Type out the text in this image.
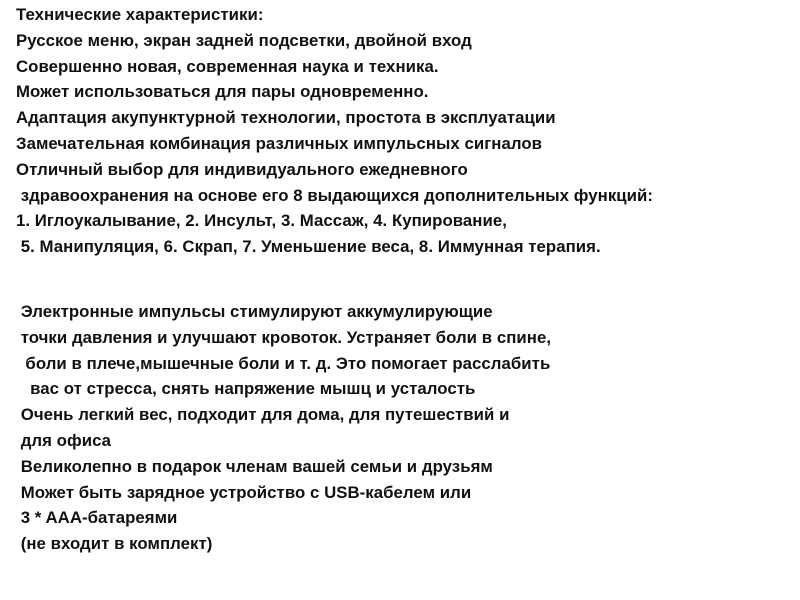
Технические характеристики:
Русское меню, экран задней подсветки, двойной вход
Совершенно новая, современная наука и техника.
Может использоваться для пары одновременно.
Адаптация акупунктурной технологии, простота в эксплуатации
Замечательная комбинация различных импульсных сигналов
Отличный выбор для индивидуального ежедневного
здравоохранения на основе его 8 выдающихся дополнительных функций:
1. Иглоукалывание, 2. Инсульт, 3. Массаж, 4. Купирование,
5. Манипуляция, 6. Скрап, 7. Уменьшение веса, 8. Иммунная терапия.
Электронные импульсы стимулируют аккумулирующие
точки давления и улучшают кровоток. Устраняет боли в спине,
боли в плече,мышечные боли и т. д. Это помогает расслабить
вас от стресса, снять напряжение мышц и усталость
Очень легкий вес, подходит для дома, для путешествий и
для офиса
Великолепно в подарок членам вашей семьи и друзьям
Может быть зарядное устройство с USB-кабелем или
3 * AAA-батареями
(не входит в комплект)
